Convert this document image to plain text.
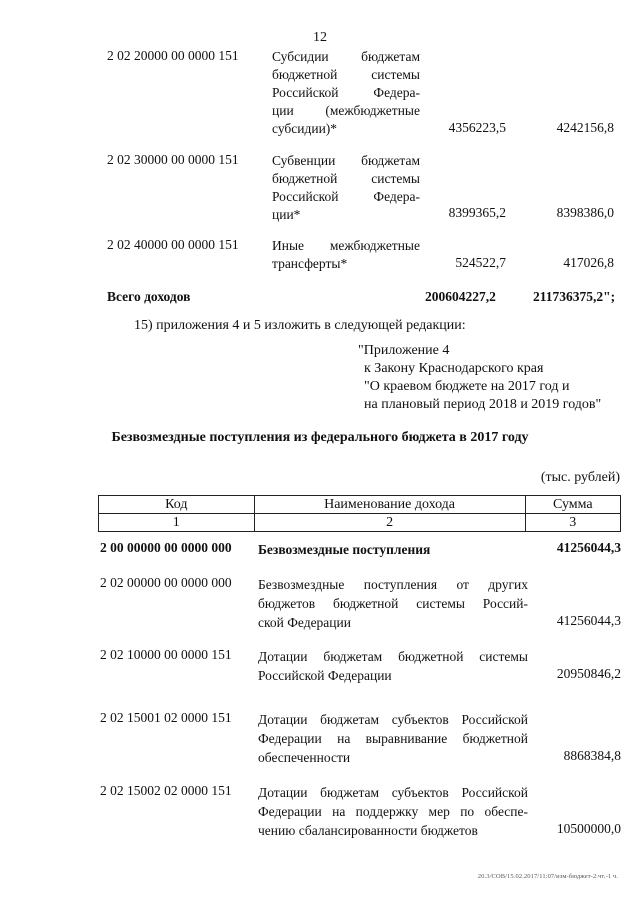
12
2 02 20000 00 0000 151 Субсидии бюджетам
бюджетной системы
Российской Федера-
ции (межбюджетные
субсидии)*	4356223,5	4242156,8
2 02 30000 00 0000 151 Субвенции бюджетам
бюджетной системы
Российской Федера-
ции*	8399365,2	8398386,0
2 02 40000 00 0000 151 Иные межбюджетные
трансферты*	524522,7	417026,8
Всего доходов	200604227,2	211736375,2";
15) приложения 4 и 5 изложить в следующей редакции:
"Приложение 4
к Закону Краснодарского края
"О краевом бюджете на 2017 год и
на плановый период 2018 и 2019 годов"
Безвозмездные поступления из федерального бюджета в 2017 году
(тыс. рублей)
Код	Наименование дохода	Сумма
1	2	3
2 00 00000 00 0000 000 Безвозмездные поступления	41256044,3
2 02 00000 00 0000 000 Безвозмездные поступления от других
бюджетов бюджетной системы Россий-
ской Федерации	41256044,3
2 02 10000 00 0000 151 Дотации бюджетам бюджетной системы
Российской Федерации	20950846,2
2 02 15001 02 0000 151 Дотации бюджетам субъектов Российской
Федерации на выравнивание бюджетной
обеспеченности	8868384,8
2 02 15002 02 0000 151 Дотации бюджетам субъектов Российской
Федерации на поддержку мер по обеспе-
чению сбалансированности бюджетов	10500000,0
20.3/СОВ/15.02.2017/11:07/изм-бюджет-2.чт.-1 ч.
